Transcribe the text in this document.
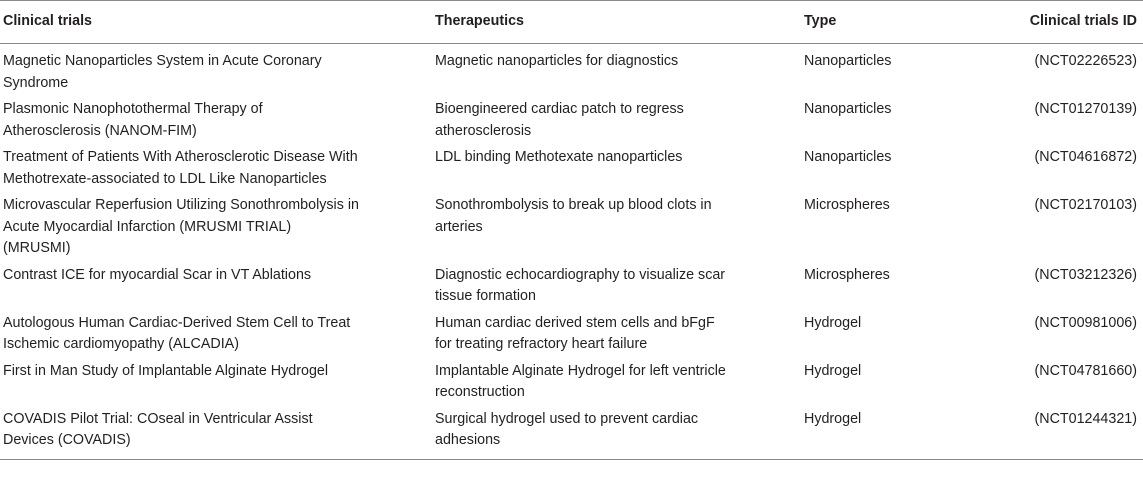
Clinical trials	Therapeutics	Type	Clinical trials ID
Magnetic Nanoparticles System in Acute Coronary Syndrome	Magnetic nanoparticles for diagnostics	Nanoparticles	(NCT02226523)
Plasmonic Nanophotothermal Therapy of Atherosclerosis (NANOM-FIM)	Bioengineered cardiac patch to regress atherosclerosis	Nanoparticles	(NCT01270139)
Treatment of Patients With Atherosclerotic Disease With Methotrexate-associated to LDL Like Nanoparticles	LDL binding Methotexate nanoparticles	Nanoparticles	(NCT04616872)
Microvascular Reperfusion Utilizing Sonothrombolysis in Acute Myocardial Infarction (MRUSMI TRIAL) (MRUSMI)	Sonothrombolysis to break up blood clots in arteries	Microspheres	(NCT02170103)
Contrast ICE for myocardial Scar in VT Ablations	Diagnostic echocardiography to visualize scar tissue formation	Microspheres	(NCT03212326)
Autologous Human Cardiac-Derived Stem Cell to Treat Ischemic cardiomyopathy (ALCADIA)	Human cardiac derived stem cells and bFgF for treating refractory heart failure	Hydrogel	(NCT00981006)
First in Man Study of Implantable Alginate Hydrogel	Implantable Alginate Hydrogel for left ventricle reconstruction	Hydrogel	(NCT04781660)
COVADIS Pilot Trial: COseal in Ventricular Assist Devices (COVADIS)	Surgical hydrogel used to prevent cardiac adhesions	Hydrogel	(NCT01244321)
